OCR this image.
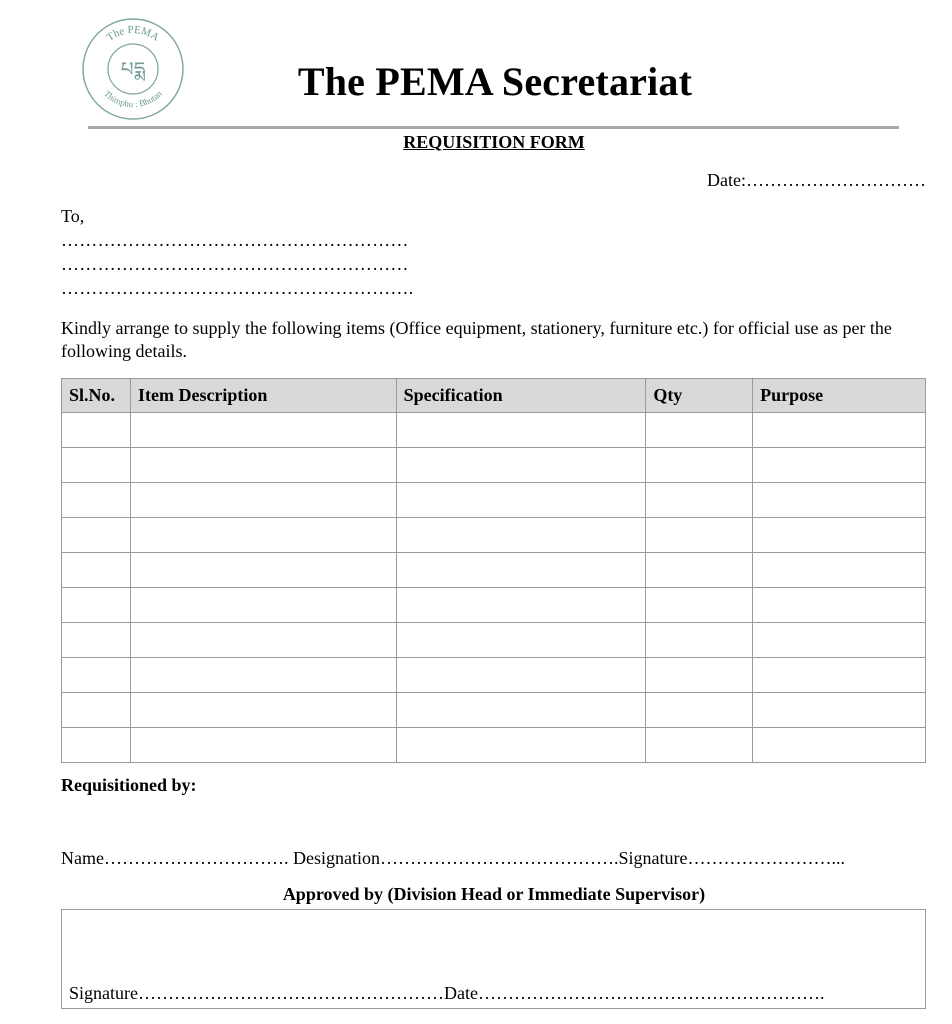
The PEMA
Thimphu : Bhutan
པདྨ	The PEMA Secretariat
REQUISITION FORM
Date:…………………………
To,
…………………………………………………
…………………………………………………
………………………………………………….
Kindly arrange to supply the following items (Office equipment, stationery, furniture etc.) for official use as per the following details.
Sl.No.	Item Description	Specification	Qty	Purpose

Requisitioned by:
Name…………………………. Designation………………………………….Signature……………………...
Approved by (Division Head or Immediate Supervisor)
Signature……………………………………………Date………………………………………………….
